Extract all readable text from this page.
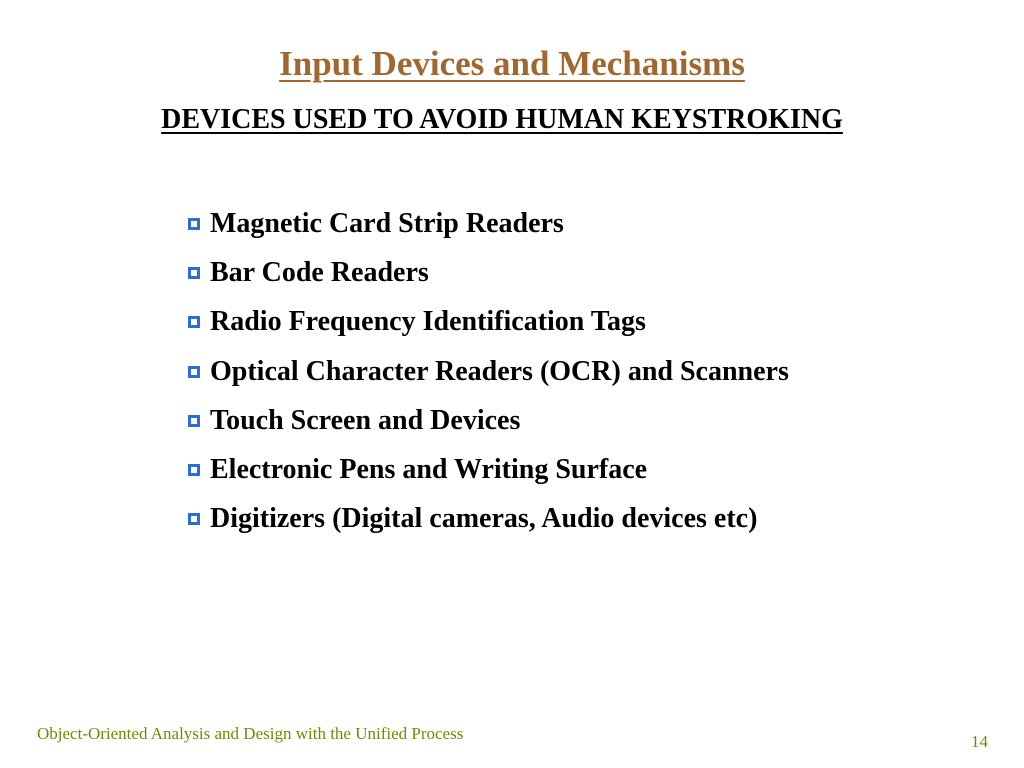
Input Devices and Mechanisms
DEVICES USED TO AVOID HUMAN KEYSTROKING
Magnetic Card Strip Readers
Bar Code Readers
Radio Frequency Identification Tags
Optical Character Readers (OCR) and Scanners
Touch Screen and Devices
Electronic Pens and Writing Surface
Digitizers (Digital cameras, Audio devices etc)

Object-Oriented Analysis and Design with the Unified Process	14
